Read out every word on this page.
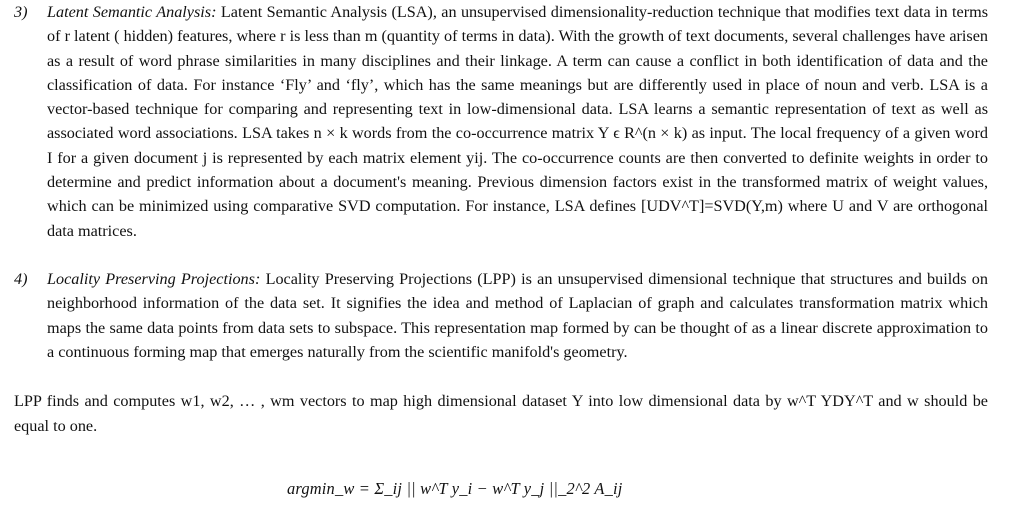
3) Latent Semantic Analysis: Latent Semantic Analysis (LSA), an unsupervised dimensionality-reduction technique that modifies text data in terms of r latent ( hidden) features, where r is less than m (quantity of terms in data). With the growth of text documents, several challenges have arisen as a result of word phrase similarities in many disciplines and their linkage. A term can cause a conflict in both identification of data and the classification of data. For instance ‘Fly’ and ‘fly’, which has the same meanings but are differently used in place of noun and verb. LSA is a vector-based technique for comparing and representing text in low-dimensional data. LSA learns a semantic representation of text as well as associated word associations. LSA takes n × k words from the co-occurrence matrix Y ϵ R^(n × k) as input. The local frequency of a given word I for a given document j is represented by each matrix element yij. The co-occurrence counts are then converted to definite weights in order to determine and predict information about a document's meaning. Previous dimension factors exist in the transformed matrix of weight values, which can be minimized using comparative SVD computation. For instance, LSA defines [UDV^T]=SVD(Y,m) where U and V are orthogonal data matrices.
4) Locality Preserving Projections: Locality Preserving Projections (LPP) is an unsupervised dimensional technique that structures and builds on neighborhood information of the data set. It signifies the idea and method of Laplacian of graph and calculates transformation matrix which maps the same data points from data sets to subspace. This representation map formed by can be thought of as a linear discrete approximation to a continuous forming map that emerges naturally from the scientific manifold's geometry.

LPP finds and computes w1, w2, … , wm vectors to map high dimensional dataset Y into low dimensional data by w^T YDY^T and w should be equal to one.

argmin_w = Σ_ij || w^T y_i − w^T y_j ||_2^2 A_ij
